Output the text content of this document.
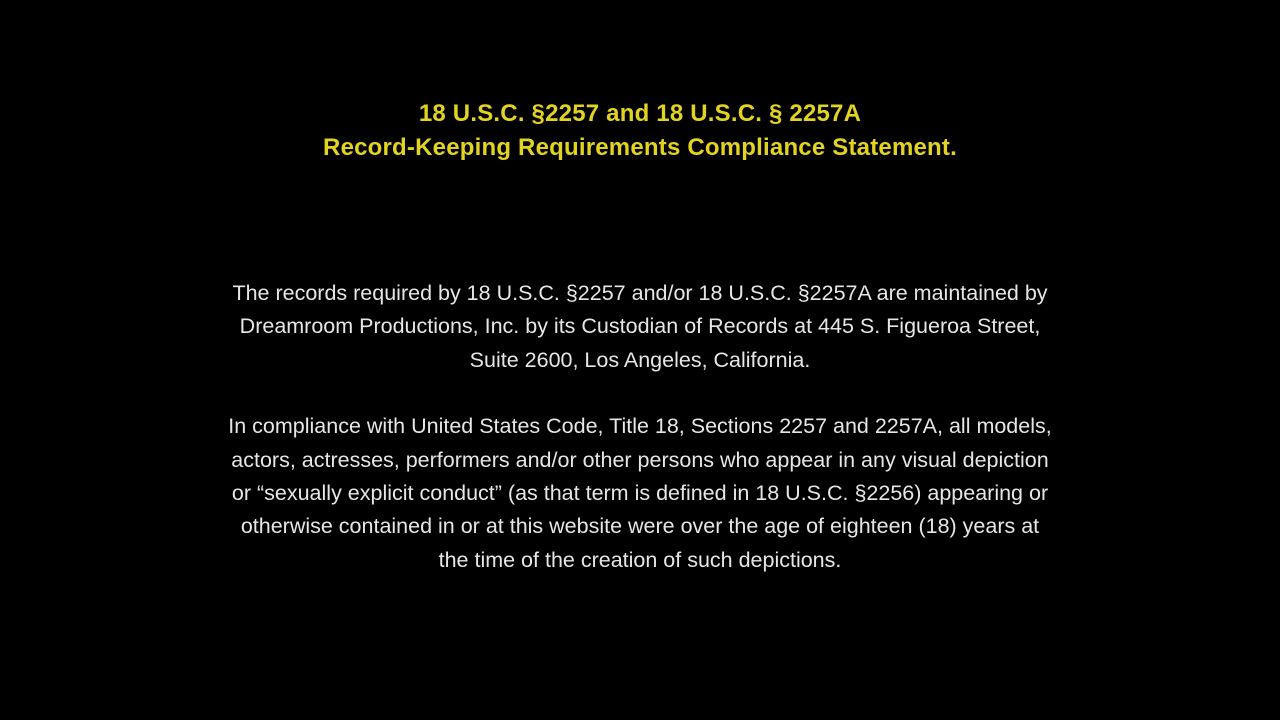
18 U.S.C. §2257 and 18 U.S.C. § 2257A
Record-Keeping Requirements Compliance Statement.
The records required by 18 U.S.C. §2257 and/or 18 U.S.C. §2257A are maintained by
Dreamroom Productions, Inc. by its Custodian of Records at 445 S. Figueroa Street,
Suite 2600, Los Angeles, California.
In compliance with United States Code, Title 18, Sections 2257 and 2257A, all models,
actors, actresses, performers and/or other persons who appear in any visual depiction
or “sexually explicit conduct” (as that term is defined in 18 U.S.C. §2256) appearing or
otherwise contained in or at this website were over the age of eighteen (18) years at
the time of the creation of such depictions.
